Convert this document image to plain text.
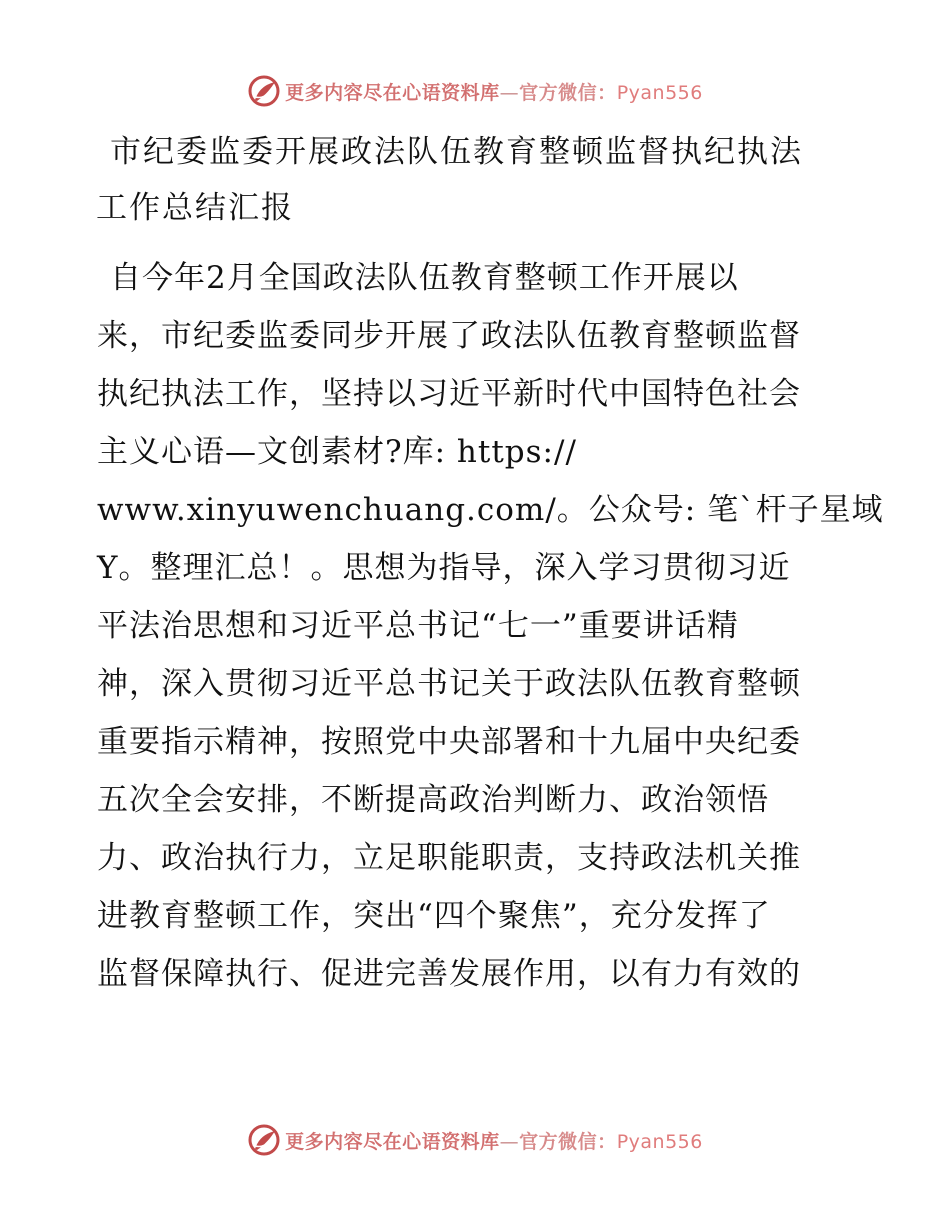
更多内容尽在心语资料库—官方微信：Pyan556
市纪委监委开展政法队伍教育整顿监督执纪执法
工作总结汇报
自今年2月全国政法队伍教育整顿工作开展以
来，市纪委监委同步开展了政法队伍教育整顿监督
执纪执法工作，坚持以习近平新时代中国特色社会
主义心语—文创素材?库: https://
www.xinyuwenchuang.com/。公众号: 笔`杆子星域
Y。整理汇总！。思想为指导，深入学习贯彻习近
平法治思想和习近平总书记“七一”重要讲话精
神，深入贯彻习近平总书记关于政法队伍教育整顿
重要指示精神，按照党中央部署和十九届中央纪委
五次全会安排，不断提高政治判断力、政治领悟
力、政治执行力，立足职能职责，支持政法机关推
进教育整顿工作，突出“四个聚焦”，充分发挥了
监督保障执行、促进完善发展作用，以有力有效的
更多内容尽在心语资料库—官方微信：Pyan556
